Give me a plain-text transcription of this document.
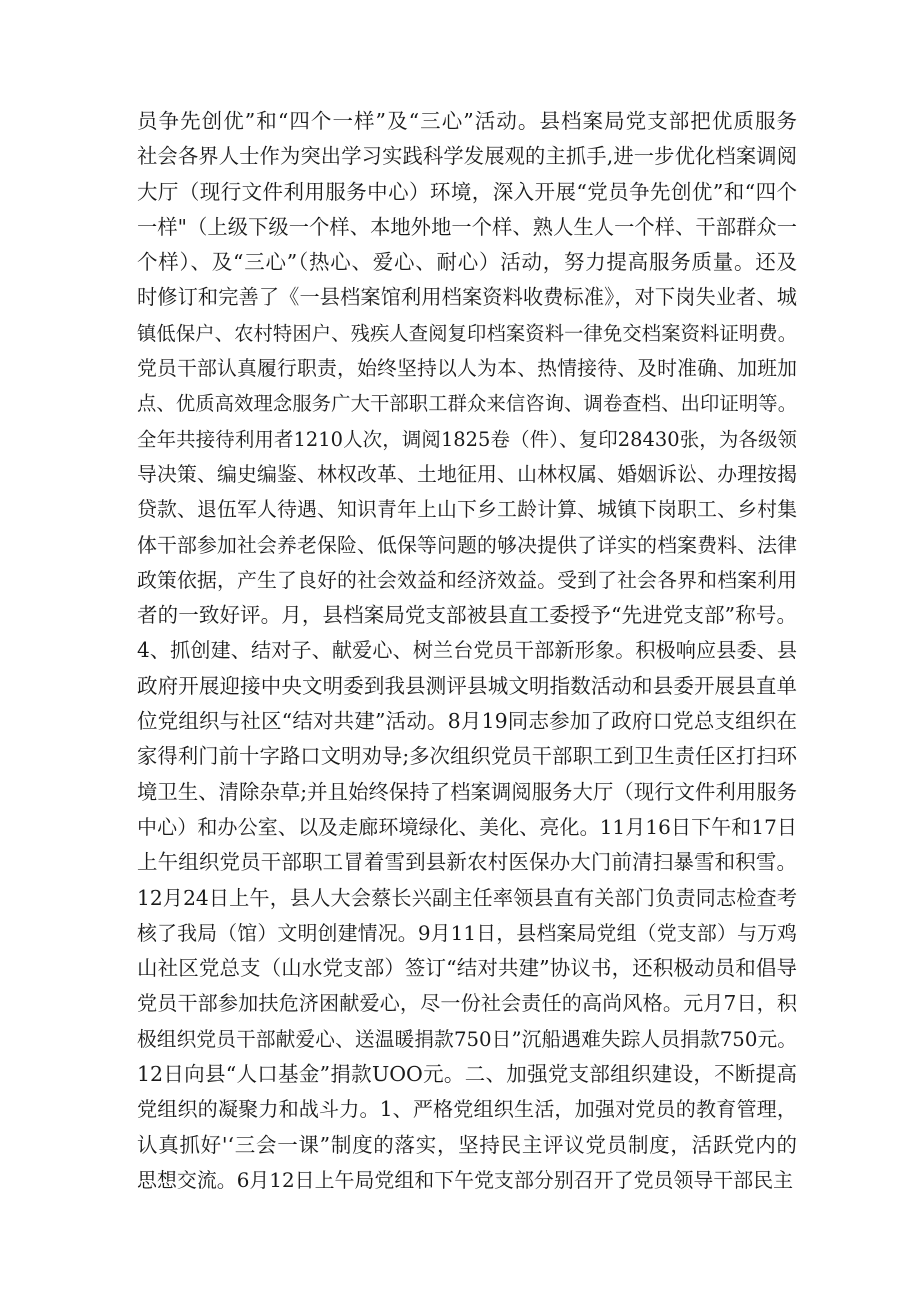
员争先创优”和“四个一样”及“三心”活动。县档案局党支部把优质服务
社会各界人士作为突出学习实践科学发展观的主抓手,进一步优化档案调阅
大厅（现行文件利用服务中心）环境，深入开展“党员争先创优”和“四个
一样"（上级下级一个样、本地外地一个样、熟人生人一个样、干部群众一
个样）、及“三心”（热心、爱心、耐心）活动，努力提高服务质量。还及
时修订和完善了《一县档案馆利用档案资料收费标准》，对下岗失业者、城
镇低保户、农村特困户、残疾人查阅复印档案资料一律免交档案资料证明费。
党员干部认真履行职责，始终坚持以人为本、热情接待、及时准确、加班加
点、优质高效理念服务广大干部职工群众来信咨询、调卷查档、出印证明等。
全年共接待利用者1210人次，调阅1825卷（件）、复印28430张，为各级领
导决策、编史编鉴、林权改革、土地征用、山林权属、婚姻诉讼、办理按揭
贷款、退伍军人待遇、知识青年上山下乡工龄计算、城镇下岗职工、乡村集
体干部参加社会养老保险、低保等问题的够决提供了详实的档案费料、法律
政策依据，产生了良好的社会效益和经济效益。受到了社会各界和档案利用
者的一致好评。月，县档案局党支部被县直工委授予“先进党支部”称号。
4、抓创建、结对子、献爱心、树兰台党员干部新形象。积极响应县委、县
政府开展迎接中央文明委到我县测评县城文明指数活动和县委开展县直单
位党组织与社区“结对共建”活动。8月19同志参加了政府口党总支组织在
家得利门前十字路口文明劝导;多次组织党员干部职工到卫生责任区打扫环
境卫生、清除杂草;并且始终保持了档案调阅服务大厅（现行文件利用服务
中心）和办公室、以及走廊环境绿化、美化、亮化。11月16日下午和17日
上午组织党员干部职工冒着雪到县新农村医保办大门前清扫暴雪和积雪。
12月24日上午，县人大会蔡长兴副主任率领县直有关部门负责同志检查考
核了我局（馆）文明创建情况。9月11日，县档案局党组（党支部）与万鸡
山社区党总支（山水党支部）签订“结对共建”协议书，还积极动员和倡导
党员干部参加扶危济困献爱心，尽一份社会责任的高尚风格。元月7日，积
极组织党员干部献爱心、送温暖捐款750日”沉船遇难失踪人员捐款750元。
12日向县“人口基金”捐款UOO元。二、加强党支部组织建设，不断提高
党组织的凝聚力和战斗力。1、严格党组织生活，加强对党员的教育管理，
认真抓好'‘三会一课”制度的落实，坚持民主评议党员制度，活跃党内的
思想交流。6月12日上午局党组和下午党支部分别召开了党员领导干部民主
